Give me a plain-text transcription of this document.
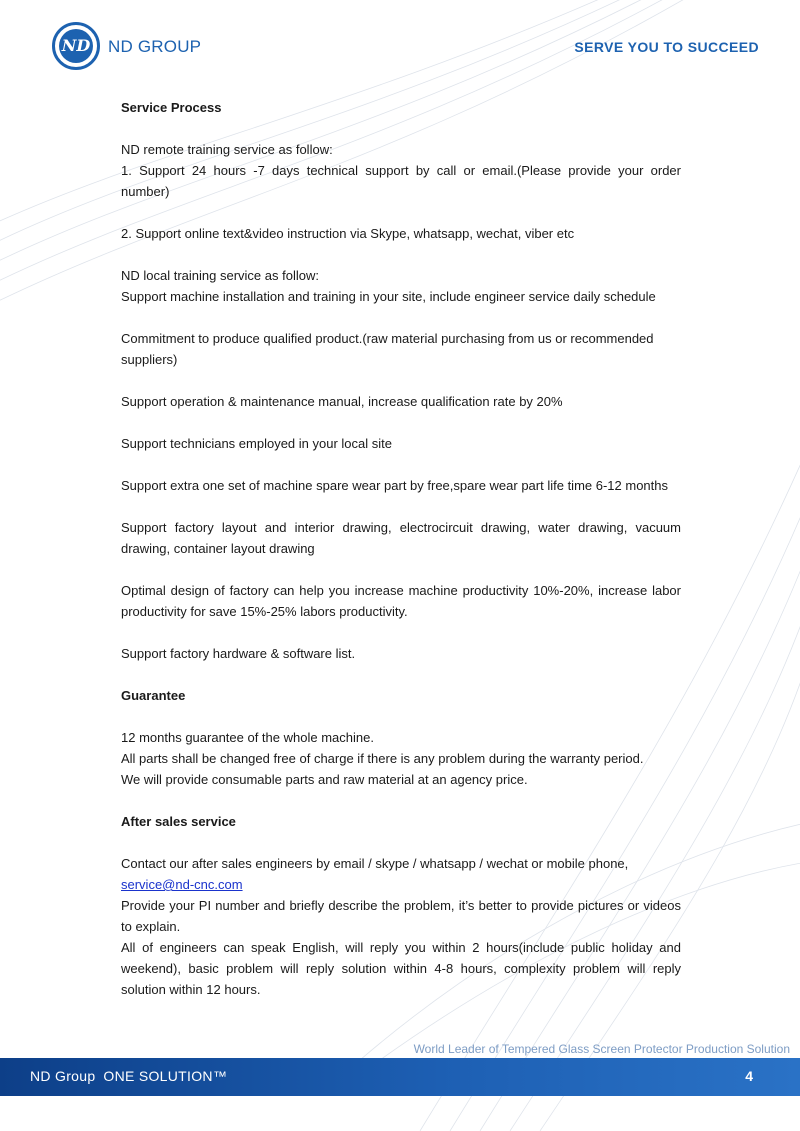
ND ND GROUP	SERVE YOU TO SUCCEED

Service Process

ND remote training service as follow:

1. Support 24 hours -7 days technical support by call or email.(Please provide your order number)

2. Support online text&video instruction via Skype, whatsapp, wechat, viber etc

ND local training service as follow:

Support machine installation and training in your site, include engineer service daily schedule

Commitment to produce qualified product.(raw material purchasing from us or recommended suppliers)

Support operation & maintenance manual, increase qualification rate by 20%

Support technicians employed in your local site

Support extra one set of machine spare wear part by free,spare wear part life time 6-12 months

Support factory layout and interior drawing, electrocircuit drawing, water drawing, vacuum drawing, container layout drawing

Optimal design of factory can help you increase machine productivity 10%-20%, increase labor productivity for save 15%-25% labors productivity.

Support factory hardware & software list.

Guarantee

12 months guarantee of the whole machine.

All parts shall be changed free of charge if there is any problem during the warranty period.

We will provide consumable parts and raw material at an agency price.

After sales service

Contact our after sales engineers by email / skype / whatsapp / wechat or mobile phone,

service@nd-cnc.com

Provide your PI number and briefly describe the problem, it’s better to provide pictures or videos to explain.

All of engineers can speak English, will reply you within 2 hours(include public holiday and weekend), basic problem will reply solution within 4-8 hours, complexity problem will reply solution within 12 hours.

World Leader of Tempered Glass Screen Protector Production Solution
ND Group ONE SOLUTION™	4
